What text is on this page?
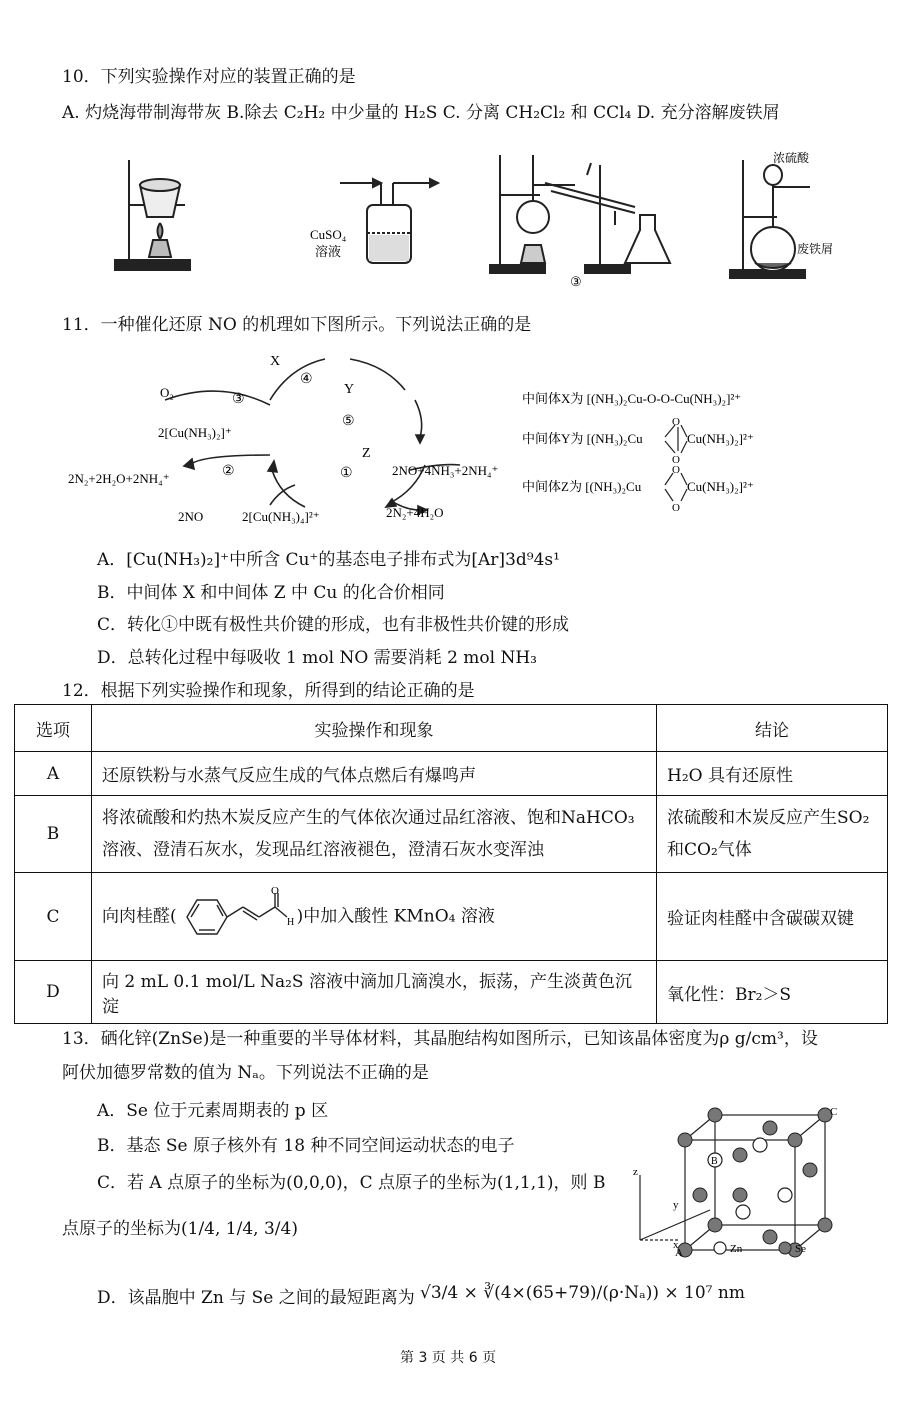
10．下列实验操作对应的装置正确的是
A. 灼烧海带制海带灰 B.除去 C₂H₂ 中少量的 H₂S C. 分离 CH₂Cl₂ 和 CCl₄ D. 充分溶解废铁屑
CuSO₄
溶液
③
浓硫酸
废铁屑
11．一种催化还原 NO 的机理如下图所示。下列说法正确的是
X
Y
Z
④
③
⑤
①
②
O₂
2[Cu(NH₃)₂]⁺
2N₂+2H₂O+2NH₄⁺
2NO	2[Cu(NH₃)₄]²⁺
2NO+4NH₃+2NH₄⁺
2N₂+4H₂O
中间体X为 [(NH₃)₂Cu-O-O-Cu(NH₃)₂]²⁺
中间体Y为 [(NH₃)₂Cu	Cu(NH₃)₂]²⁺
O
O
中间体Z为 [(NH₃)₂Cu	Cu(NH₃)₂]²⁺
O
O
A．[Cu(NH₃)₂]⁺中所含 Cu⁺的基态电子排布式为[Ar]3d⁹4s¹
B．中间体 X 和中间体 Z 中 Cu 的化合价相同
C．转化①中既有极性共价键的形成，也有非极性共价键的形成
D．总转化过程中每吸收 1 mol NO 需要消耗 2 mol NH₃
12．根据下列实验操作和现象，所得到的结论正确的是
选项	实验操作和现象	结论
A	还原铁粉与水蒸气反应生成的气体点燃后有爆鸣声	H₂O 具有还原性
B	将浓硫酸和灼热木炭反应产生的气体依次通过品红溶液、饱和NaHCO₃溶液、澄清石灰水，发现品红溶液褪色，澄清石灰水变浑浊	浓硫酸和木炭反应产生SO₂和CO₂气体
C	向肉桂醛(
O
H )中加入酸性 KMnO₄ 溶液	验证肉桂醛中含碳碳双键
D	向 2 mL 0.1 mol/L Na₂S 溶液中滴加几滴溴水，振荡，产生淡黄色沉淀	氧化性：Br₂＞S
13．硒化锌(ZnSe)是一种重要的半导体材料，其晶胞结构如图所示，已知该晶体密度为ρ g/cm³，设
阿伏加德罗常数的值为 Nₐ。下列说法不正确的是
A．Se 位于元素周期表的 p 区
B．基态 Se 原子核外有 18 种不同空间运动状态的电子
C．若 A 点原子的坐标为(0,0,0)，C 点原子的坐标为(1,1,1)，则 B
点原子的坐标为(1/4, 1/4, 3/4)
D．该晶胞中 Zn 与 Se 之间的最短距离为 √3/4 × ∛(4×(65+79)/(ρ·Nₐ)) × 10⁷ nm
C
B
A
z
y
x	Zn	Se
第 3 页 共 6 页
